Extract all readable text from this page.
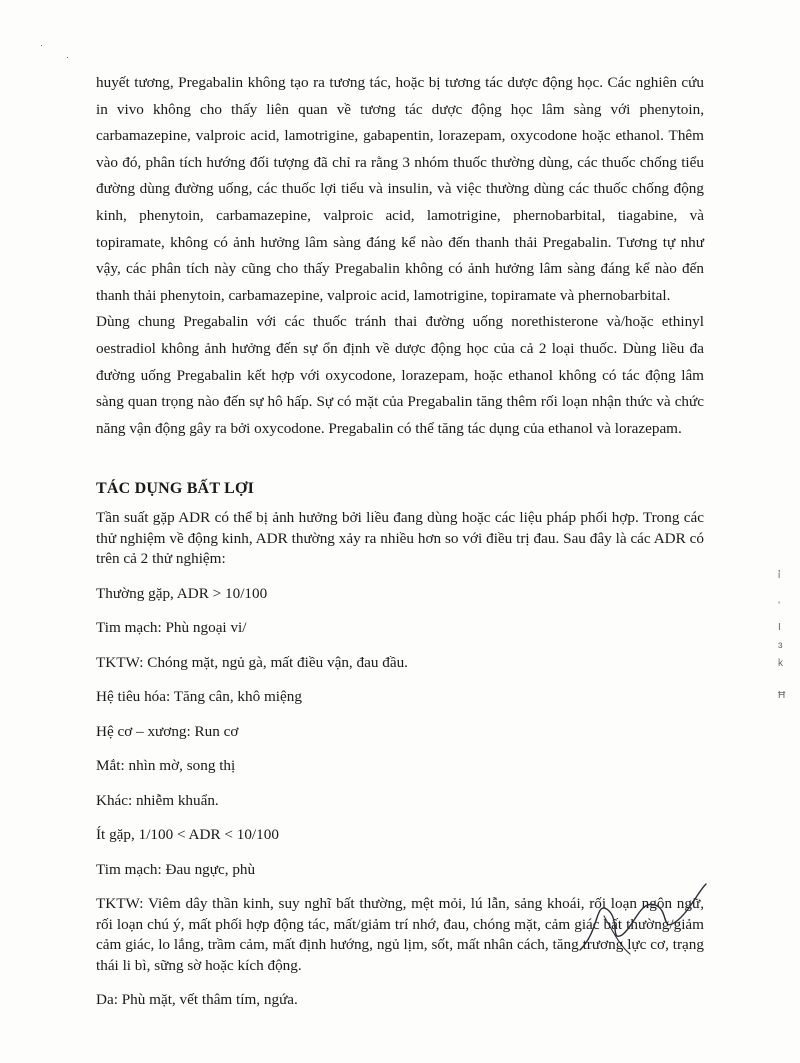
·
·

huyết tương, Pregabalin không tạo ra tương tác, hoặc bị tương tác dược động học. Các nghiên cứu in vivo không cho thấy liên quan về tương tác dược động học lâm sàng với phenytoin, carbamazepine, valproic acid, lamotrigine, gabapentin, lorazepam, oxycodone hoặc ethanol. Thêm vào đó, phân tích hướng đối tượng đã chỉ ra rằng 3 nhóm thuốc thường dùng, các thuốc chống tiểu đường dùng đường uống, các thuốc lợi tiểu và insulin, và việc thường dùng các thuốc chống động kinh, phenytoin, carbamazepine, valproic acid, lamotrigine, phernobarbital, tiagabine, và topiramate, không có ảnh hưởng lâm sàng đáng kể nào đến thanh thải Pregabalin. Tương tự như vậy, các phân tích này cũng cho thấy Pregabalin không có ảnh hưởng lâm sàng đáng kể nào đến thanh thải phenytoin, carbamazepine, valproic acid, lamotrigine, topiramate và phernobarbital.

Dùng chung Pregabalin với các thuốc tránh thai đường uống norethisterone và/hoặc ethinyl oestradiol không ảnh hưởng đến sự ổn định về dược động học của cả 2 loại thuốc. Dùng liều đa đường uống Pregabalin kết hợp với oxycodone, lorazepam, hoặc ethanol không có tác động lâm sàng quan trọng nào đến sự hô hấp. Sự có mặt của Pregabalin tăng thêm rối loạn nhận thức và chức năng vận động gây ra bởi oxycodone. Pregabalin có thể tăng tác dụng của ethanol và lorazepam.

TÁC DỤNG BẤT LỢI
Tần suất gặp ADR có thể bị ảnh hưởng bởi liều đang dùng hoặc các liệu pháp phối hợp. Trong các thử nghiệm về động kinh, ADR thường xảy ra nhiều hơn so với điều trị đau. Sau đây là các ADR có trên cả 2 thử nghiệm:
Thường gặp, ADR > 10/100
Tim mạch: Phù ngoại vi/
TKTW: Chóng mặt, ngủ gà, mất điều vận, đau đầu.
Hệ tiêu hóa: Tăng cân, khô miệng
Hệ cơ – xương: Run cơ
Mắt: nhìn mờ, song thị
Khác: nhiễm khuẩn.
Ít gặp, 1/100 < ADR < 10/100
Tim mạch: Đau ngực, phù
TKTW: Viêm dây thần kinh, suy nghĩ bất thường, mệt mỏi, lú lẫn, sảng khoái, rối loạn ngôn ngữ, rối loạn chú ý, mất phối hợp động tác, mất/giảm trí nhớ, đau, chóng mặt, cảm giác bất thường/giảm cảm giác, lo lắng, trầm cảm, mất định hướng, ngủ lịm, sốt, mất nhân cách, tăng trương lực cơ, trạng thái li bì, sững sờ hoặc kích động.
Da: Phù mặt, vết thâm tím, ngứa.
ỉ
‘
I
ɜ
k
Ħ
